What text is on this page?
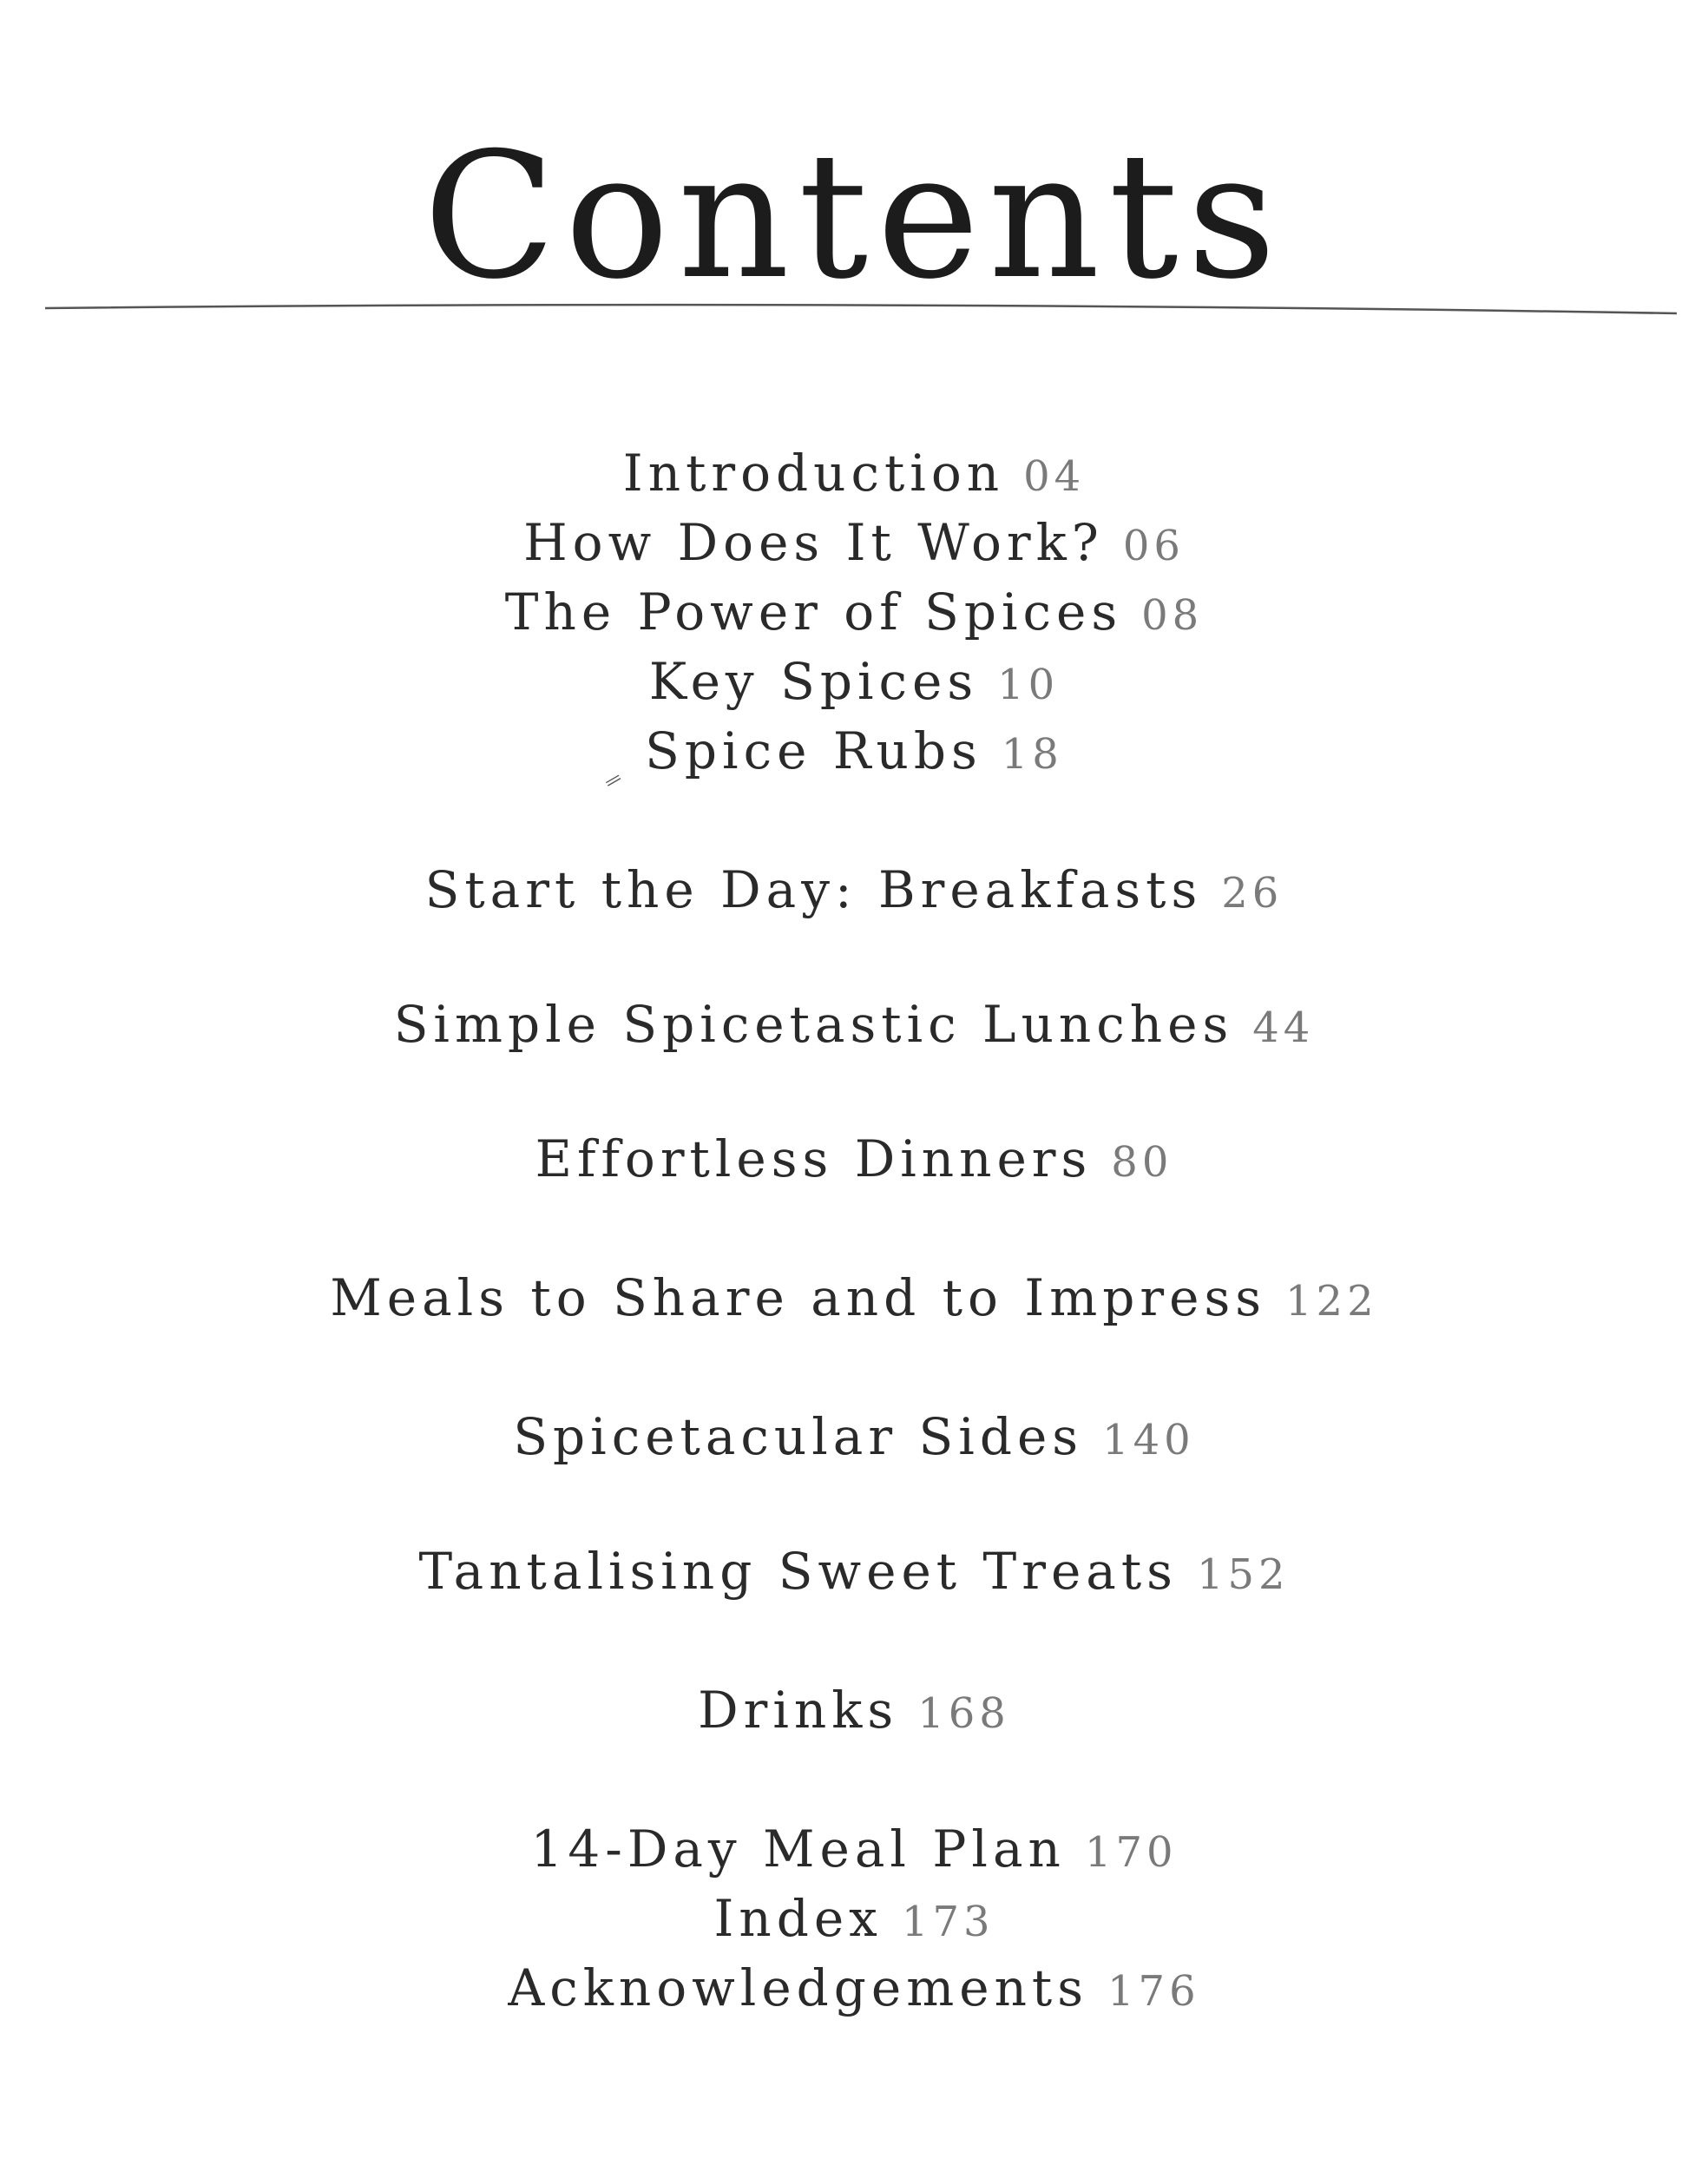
Contents
Introduction 04
How Does It Work? 06
The Power of Spices 08
Key Spices 10
Spice Rubs 18
Start the Day: Breakfasts 26
Simple Spicetastic Lunches 44
Effortless Dinners 80
Meals to Share and to Impress 122
Spicetacular Sides 140
Tantalising Sweet Treats 152
Drinks 168
14-Day Meal Plan 170
Index 173
Acknowledgements 176
‗
